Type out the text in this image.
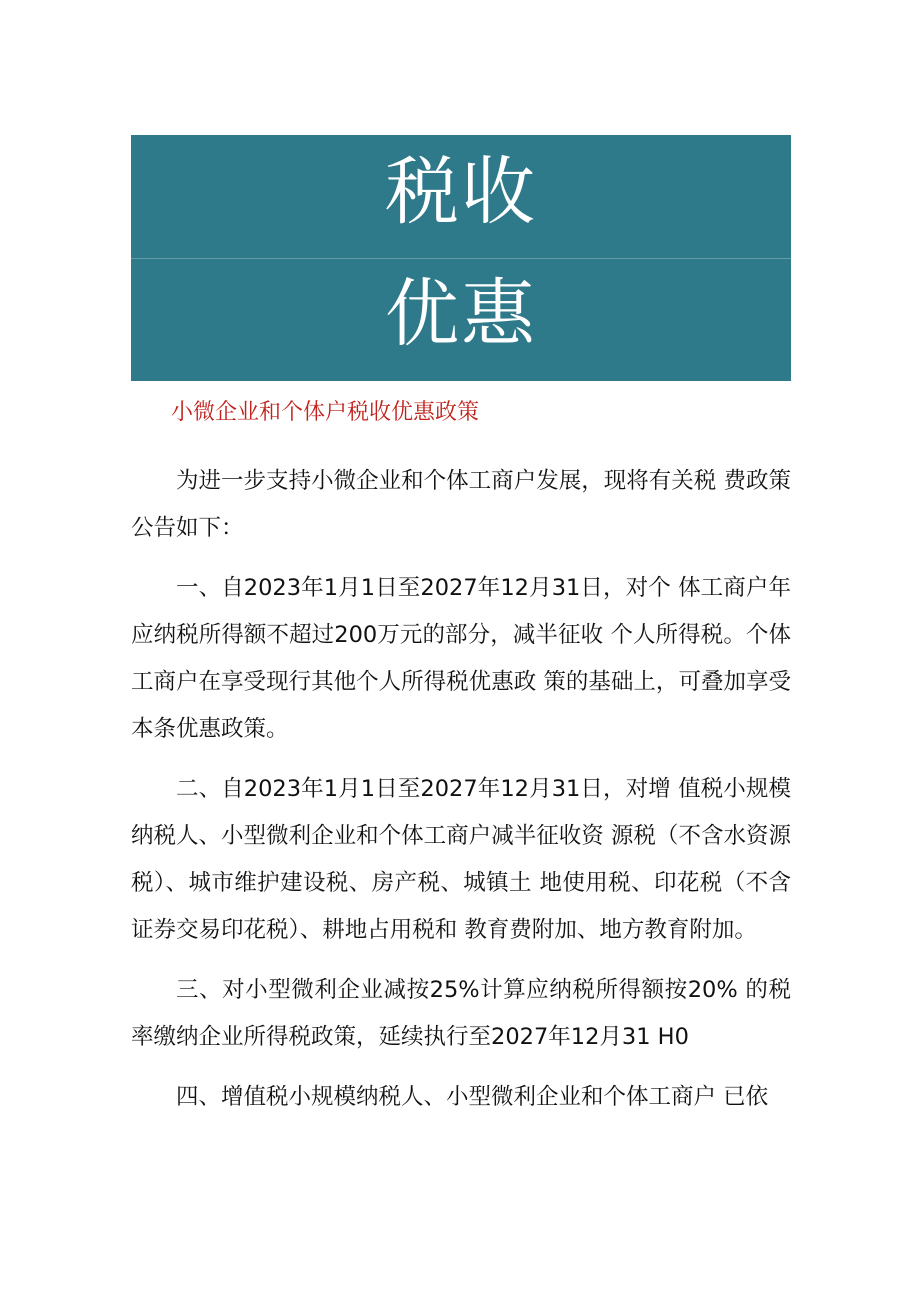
税收
优惠
小微企业和个体户税收优惠政策

为进一步支持小微企业和个体工商户发展，现将有关税 费政策公告如下：

一、自2023年1月1日至2027年12月31日，对个 体工商户年应纳税所得额不超过200万元的部分，减半征收 个人所得税。个体工商户在享受现行其他个人所得税优惠政 策的基础上，可叠加享受本条优惠政策。

二、自2023年1月1日至2027年12月31日，对增 值税小规模纳税人、小型微利企业和个体工商户减半征收资 源税（不含水资源税）、城市维护建设税、房产税、城镇土 地使用税、印花税（不含证券交易印花税）、耕地占用税和 教育费附加、地方教育附加。

三、对小型微利企业减按25%计算应纳税所得额按20% 的税率缴纳企业所得税政策，延续执行至2027年12月31 H0

四、增值税小规模纳税人、小型微利企业和个体工商户 已依
